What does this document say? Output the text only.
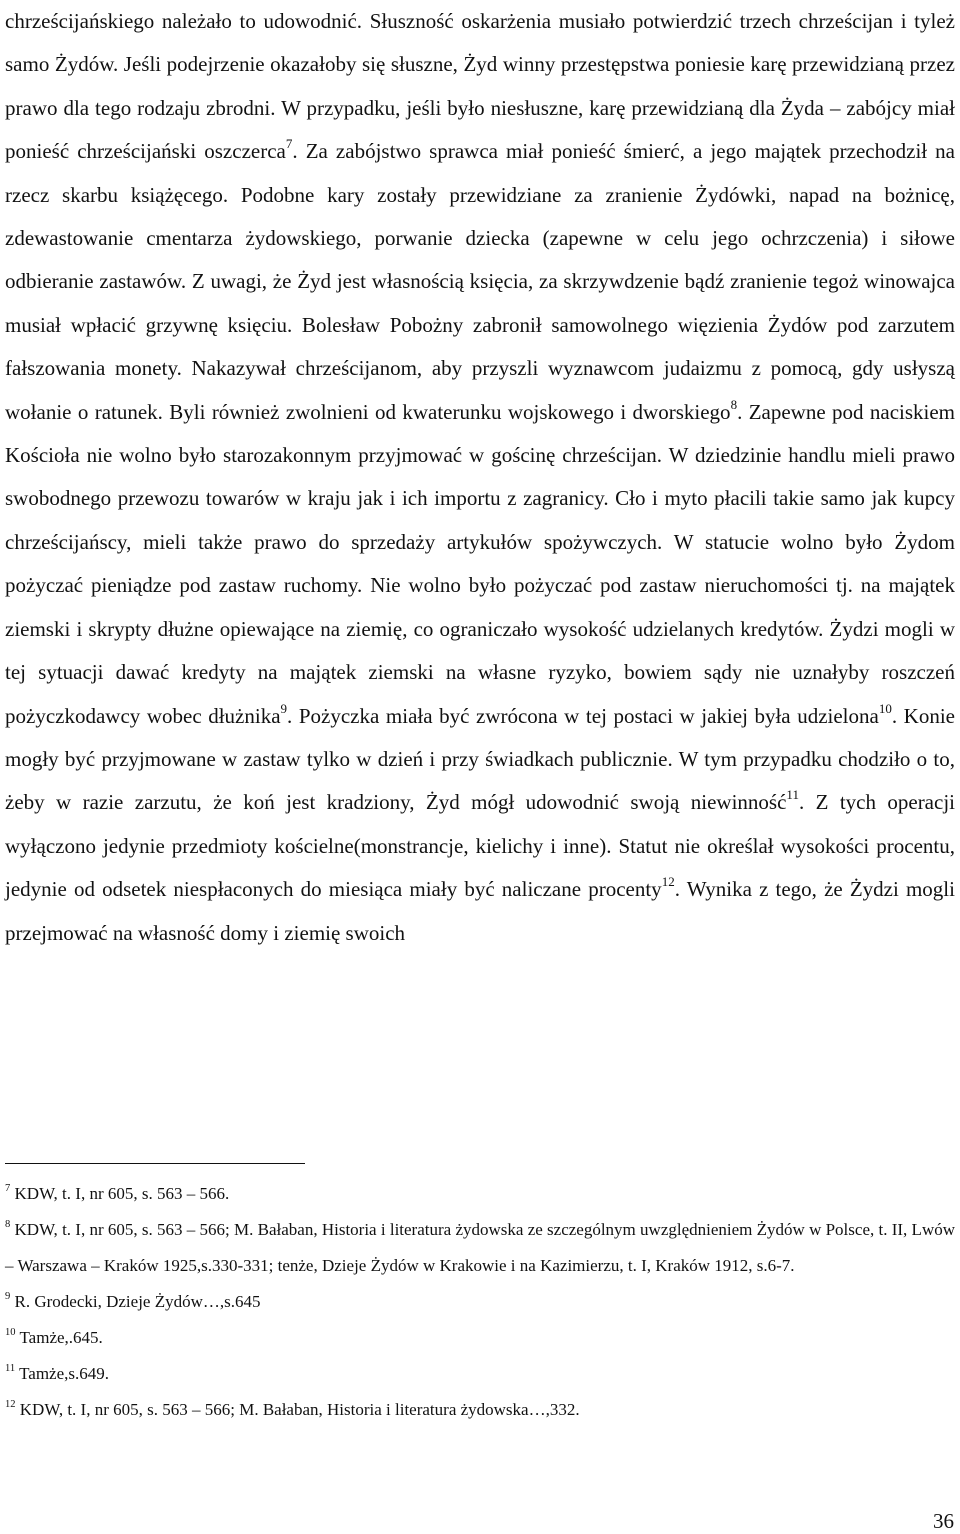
chrześcijańskiego należało to udowodnić. Słuszność oskarżenia musiało potwierdzić trzech chrześcijan i tyleż samo Żydów. Jeśli podejrzenie okazałoby się słuszne, Żyd winny przestępstwa poniesie karę przewidzianą przez prawo dla tego rodzaju zbrodni. W przypadku, jeśli było niesłuszne, karę przewidzianą dla Żyda – zabójcy miał ponieść chrześcijański oszczerca$^7$. Za zabójstwo sprawca miał ponieść śmierć, a jego majątek przechodził na rzecz skarbu książęcego. Podobne kary zostały przewidziane za zranienie Żydówki, napad na bożnicę, zdewastowanie cmentarza żydowskiego, porwanie dziecka (zapewne w celu jego ochrzczenia) i siłowe odbieranie zastawów. Z uwagi, że Żyd jest własnością księcia, za skrzywdzenie bądź zranienie tegoż winowajca musiał wpłacić grzywnę księciu. Bolesław Pobożny zabronił samowolnego więzienia Żydów pod zarzutem fałszowania monety. Nakazywał chrześcijanom, aby przyszli wyznawcom judaizmu z pomocą, gdy usłyszą wołanie o ratunek. Byli również zwolnieni od kwaterunku wojskowego i dworskiego$^8$. Zapewne pod naciskiem Kościoła nie wolno było starozakonnym przyjmować w gościnę chrześcijan. W dziedzinie handlu mieli prawo swobodnego przewozu towarów w kraju jak i ich importu z zagranicy. Cło i myto płacili takie samo jak kupcy chrześcijańscy, mieli także prawo do sprzedaży artykułów spożywczych. W statucie wolno było Żydom pożyczać pieniądze pod zastaw ruchomy. Nie wolno było pożyczać pod zastaw nieruchomości tj. na majątek ziemski i skrypty dłużne opiewające na ziemię, co ograniczało wysokość udzielanych kredytów. Żydzi mogli w tej sytuacji dawać kredyty na majątek ziemski na własne ryzyko, bowiem sądy nie uznałyby roszczeń pożyczkodawcy wobec dłużnika$^9$. Pożyczka miała być zwrócona w tej postaci w jakiej była udzielona$^{10}$. Konie mogły być przyjmowane w zastaw tylko w dzień i przy świadkach publicznie. W tym przypadku chodziło o to, żeby w razie zarzutu, że koń jest kradziony, Żyd mógł udowodnić swoją niewinność$^{11}$. Z tych operacji wyłączono jedynie przedmioty kościelne(monstrancje, kielichy i inne). Statut nie określał wysokości procentu, jedynie od odsetek niespłaconych do miesiąca miały być naliczane procenty$^{12}$. Wynika z tego, że Żydzi mogli przejmować na własność domy i ziemię swoich

$^7$ KDW, t. I, nr 605, s. 563 – 566.

$^8$ KDW, t. I, nr 605, s. 563 – 566; M. Bałaban, Historia i literatura żydowska ze szczególnym uwzględnieniem Żydów w Polsce, t. II, Lwów – Warszawa – Kraków 1925,s.330-331; tenże, Dzieje Żydów w Krakowie i na Kazimierzu, t. I, Kraków 1912, s.6-7.

$^9$ R. Grodecki, Dzieje Żydów…,s.645

$^{10}$ Tamże,.645.

$^{11}$ Tamże,s.649.

$^{12}$ KDW, t. I, nr 605, s. 563 – 566; M. Bałaban, Historia i literatura żydowska…,332.

36
